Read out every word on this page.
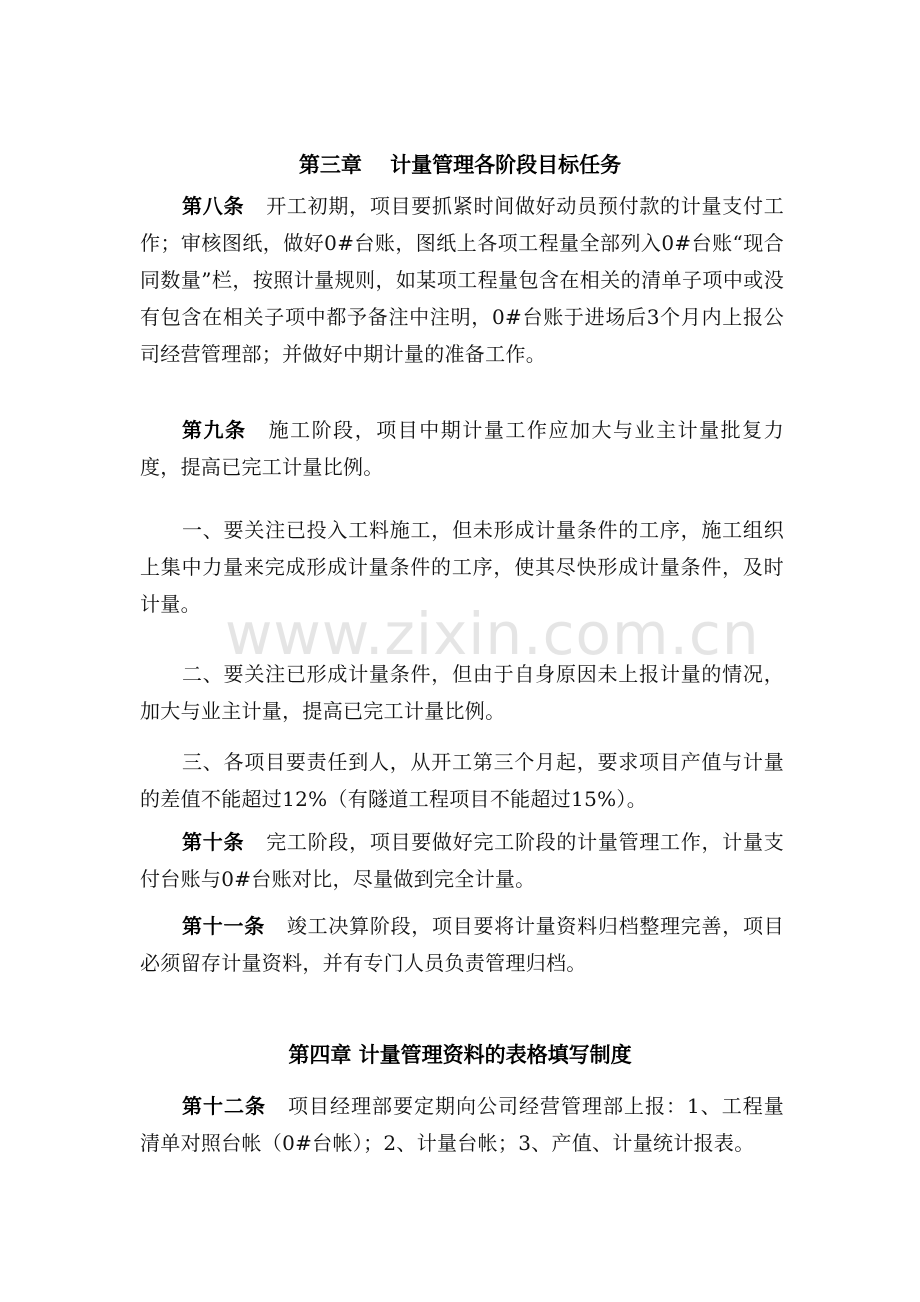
第三章　 计量管理各阶段目标任务

第八条 开工初期，项目要抓紧时间做好动员预付款的计量支付工作；审核图纸，做好0#台账，图纸上各项工程量全部列入0#台账“现合同数量”栏，按照计量规则，如某项工程量包含在相关的清单子项中或没有包含在相关子项中都予备注中注明，0#台账于进场后3个月内上报公司经营管理部；并做好中期计量的准备工作。

第九条 施工阶段，项目中期计量工作应加大与业主计量批复力度，提高已完工计量比例。

一、要关注已投入工料施工，但未形成计量条件的工序，施工组织上集中力量来完成形成计量条件的工序，使其尽快形成计量条件，及时计量。

二、要关注已形成计量条件，但由于自身原因未上报计量的情况，加大与业主计量，提高已完工计量比例。

三、各项目要责任到人，从开工第三个月起，要求项目产值与计量的差值不能超过12%（有隧道工程项目不能超过15%）。

第十条 完工阶段，项目要做好完工阶段的计量管理工作，计量支付台账与0#台账对比，尽量做到完全计量。

第十一条 竣工决算阶段，项目要将计量资料归档整理完善，项目必须留存计量资料，并有专门人员负责管理归档。

第四章 计量管理资料的表格填写制度

第十二条 项目经理部要定期向公司经营管理部上报：1、工程量清单对照台帐（0#台帐）；2、计量台帐；3、产值、计量统计报表。

www.zixin.com.cn
